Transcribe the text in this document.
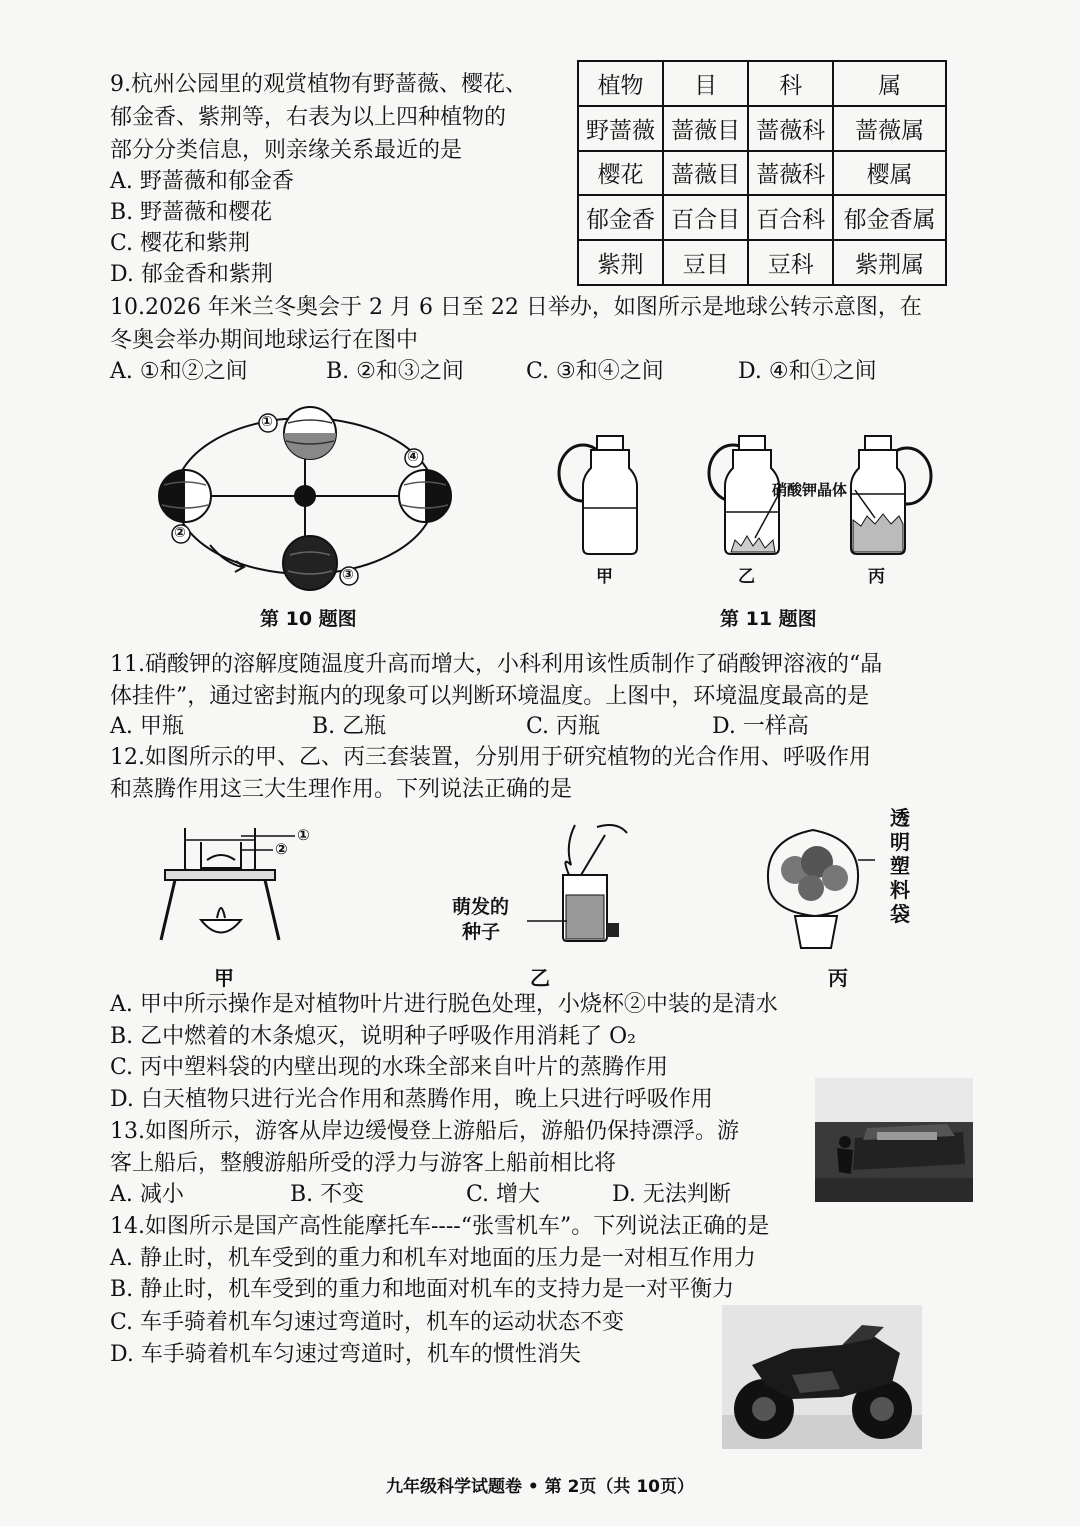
9.杭州公园里的观赏植物有野蔷薇、樱花、
郁金香、紫荆等，右表为以上四种植物的
部分分类信息，则亲缘关系最近的是
A. 野蔷薇和郁金香
B. 野蔷薇和樱花
C. 樱花和紫荆
D. 郁金香和紫荆
植物	目	科	属
野蔷薇	蔷薇目	蔷薇科	蔷薇属
樱花	蔷薇目	蔷薇科	樱属
郁金香	百合目	百合科	郁金香属
紫荆	豆目	豆科	紫荆属
10.2026 年米兰冬奥会于 2 月 6 日至 22 日举办，如图所示是地球公转示意图，在
冬奥会举办期间地球运行在图中
A. ①和②之间	B. ②和③之间	C. ③和④之间	D. ④和①之间
①
②
③
④
第 10 题图
硝酸钾晶体
甲	乙	丙
第 11 题图
11.硝酸钾的溶解度随温度升高而增大，小科利用该性质制作了硝酸钾溶液的“晶
体挂件”，通过密封瓶内的现象可以判断环境温度。上图中，环境温度最高的是
A. 甲瓶	B. 乙瓶	C. 丙瓶	D. 一样高
12.如图所示的甲、乙、丙三套装置，分别用于研究植物的光合作用、呼吸作用
和蒸腾作用这三大生理作用。下列说法正确的是
①
②
萌发的
种子
透明塑料袋
甲	乙	丙
A. 甲中所示操作是对植物叶片进行脱色处理，小烧杯②中装的是清水
B. 乙中燃着的木条熄灭，说明种子呼吸作用消耗了 O₂
C. 丙中塑料袋的内壁出现的水珠全部来自叶片的蒸腾作用
D. 白天植物只进行光合作用和蒸腾作用，晚上只进行呼吸作用
13.如图所示，游客从岸边缓慢登上游船后，游船仍保持漂浮。游
客上船后，整艘游船所受的浮力与游客上船前相比将
A. 减小	B. 不变	C. 增大	D. 无法判断
14.如图所示是国产高性能摩托车----“张雪机车”。下列说法正确的是
A. 静止时，机车受到的重力和机车对地面的压力是一对相互作用力
B. 静止时，机车受到的重力和地面对机车的支持力是一对平衡力
C. 车手骑着机车匀速过弯道时，机车的运动状态不变
D. 车手骑着机车匀速过弯道时，机车的惯性消失
九年级科学试题卷 • 第 2页（共 10页）
